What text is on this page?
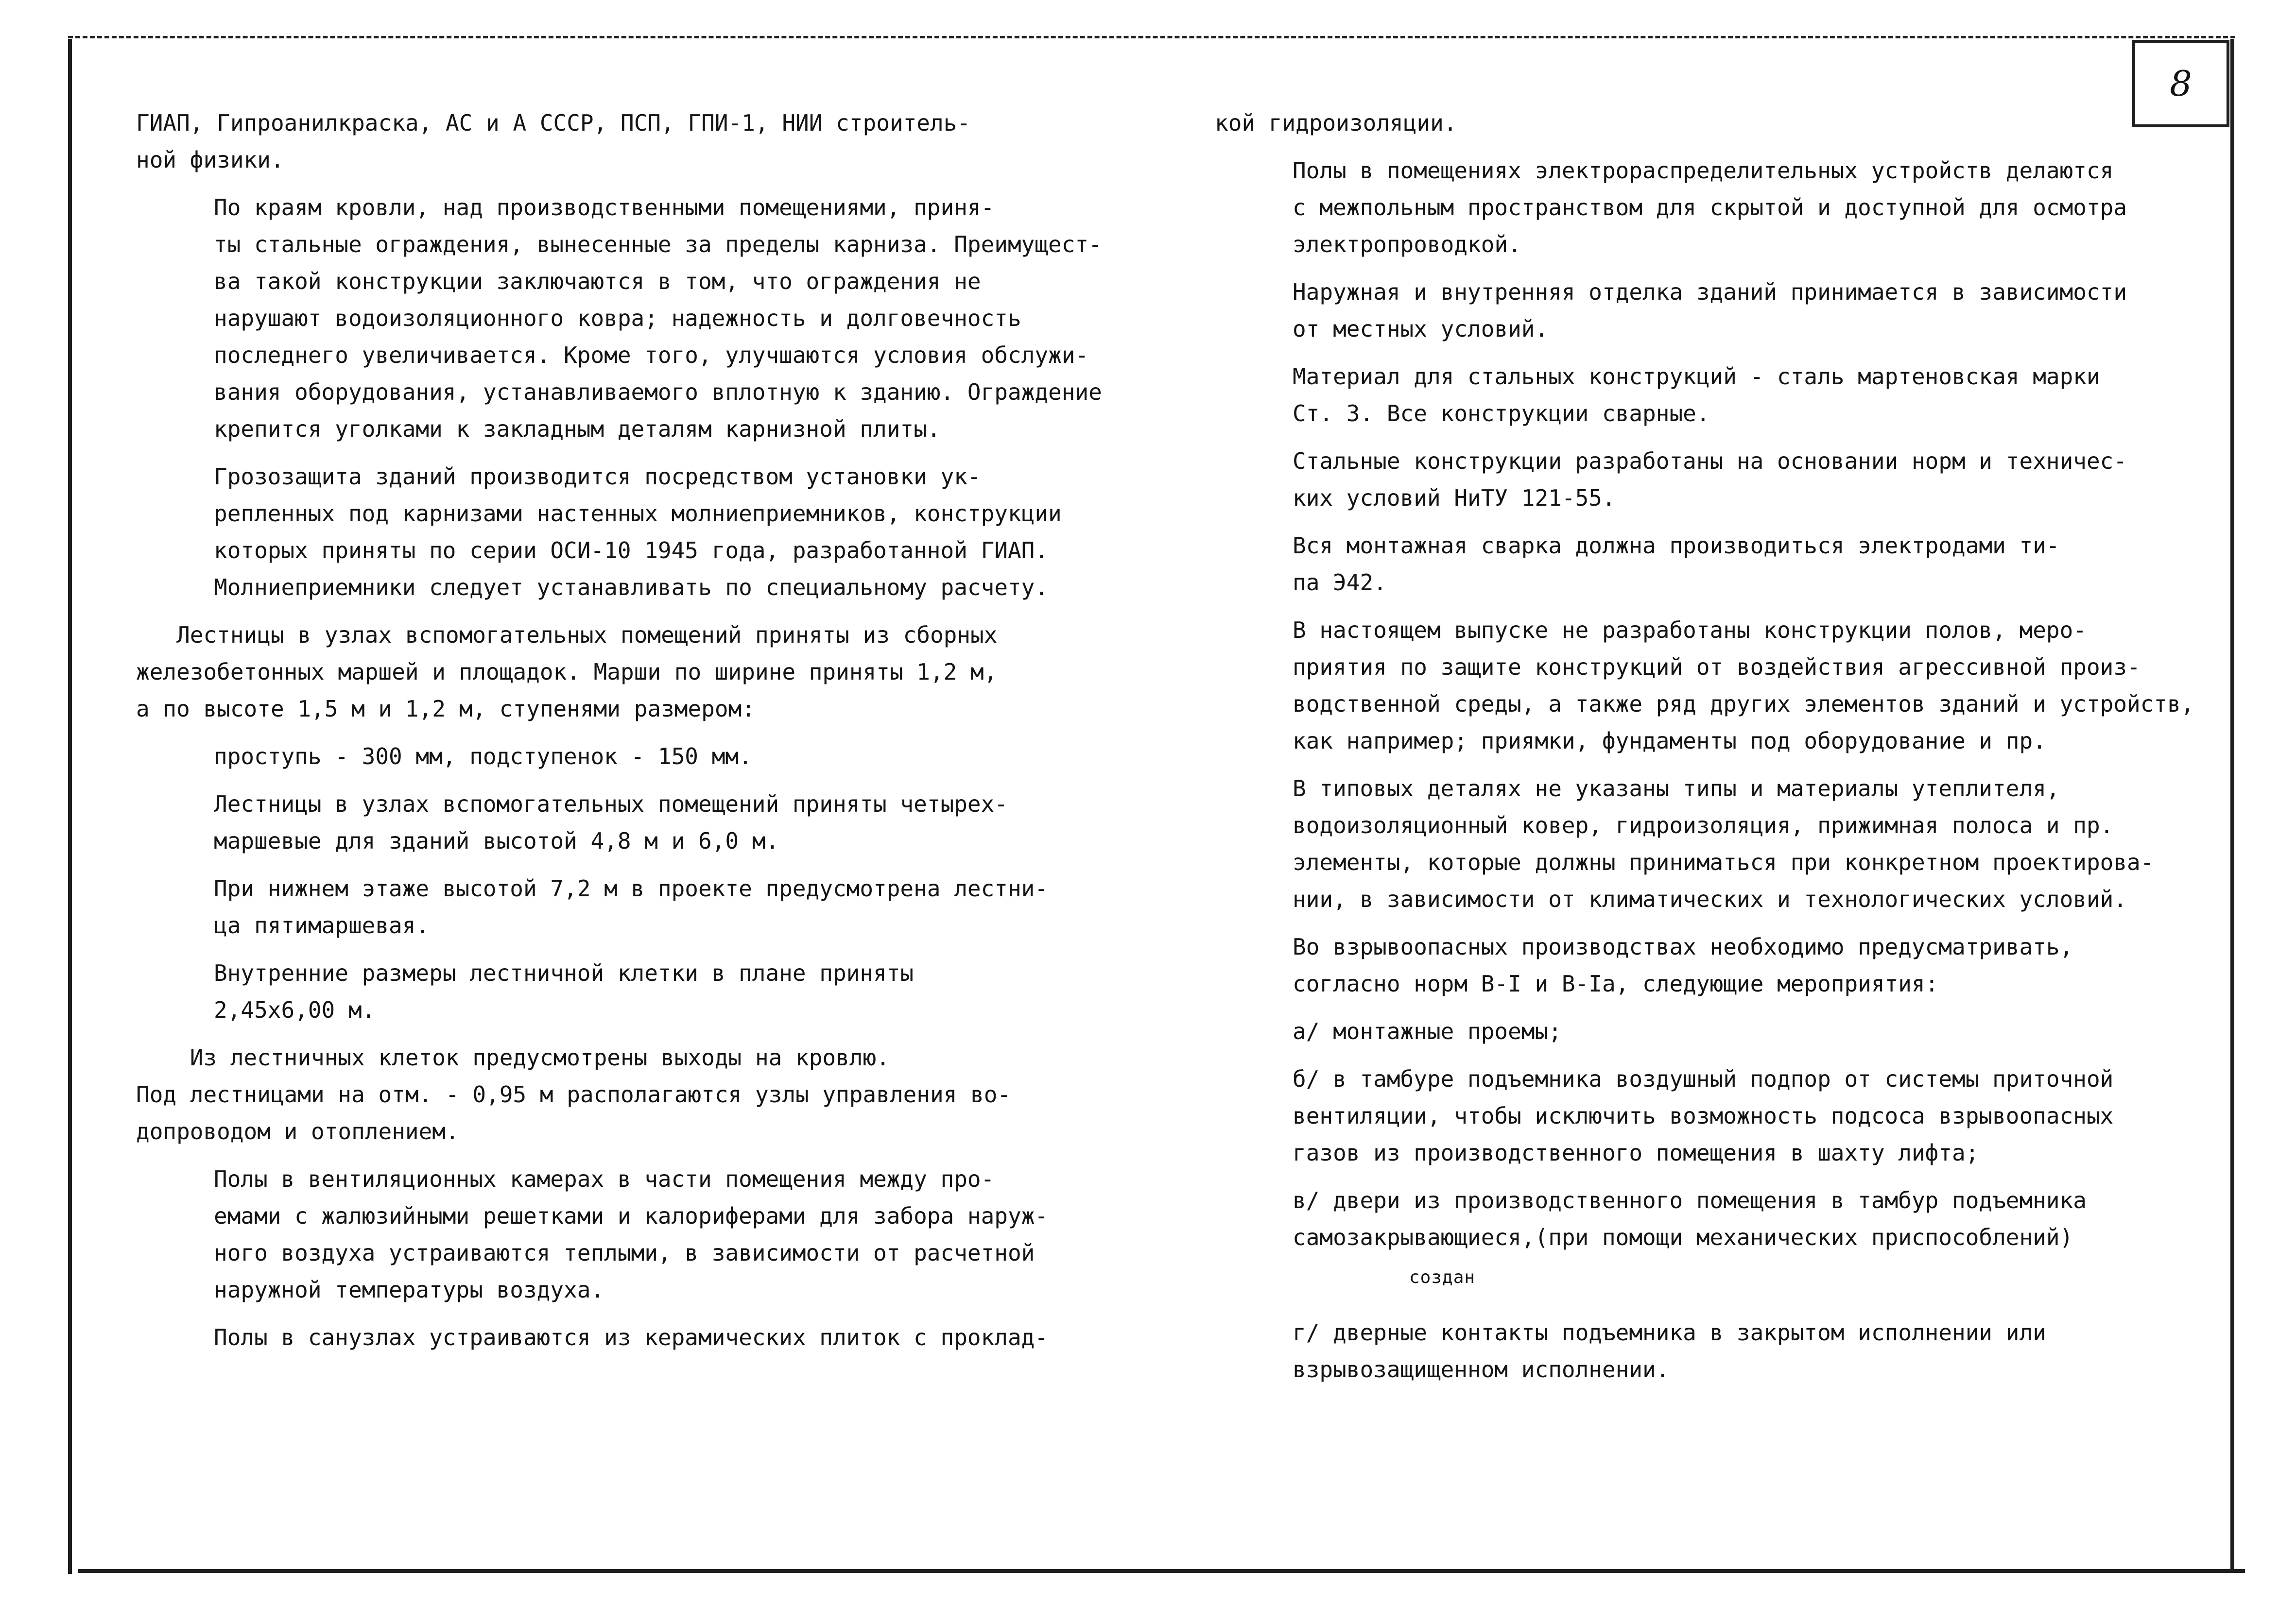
8
ГИАП, Гипроанилкраска, АС и А СССР, ПСП, ГПИ-1, НИИ строитель-
ной физики.
По краям кровли, над производственными помещениями, приня-
ты стальные ограждения, вынесенные за пределы карниза. Преимущест-
ва такой конструкции заключаются в том, что ограждения не
нарушают водоизоляционного ковра; надежность и долговечность
последнего увеличивается. Кроме того, улучшаются условия обслужи-
вания оборудования, устанавливаемого вплотную к зданию. Ограждение
крепится уголками к закладным деталям карнизной плиты.
Грозозащита зданий производится посредством установки ук-
репленных под карнизами настенных молниеприемников, конструкции
которых приняты по серии ОСИ-10 1945 года, разработанной ГИАП.
Молниеприемники следует устанавливать по специальному расчету.
Лестницы в узлах вспомогательных помещений приняты из сборных
железобетонных маршей и площадок. Марши по ширине приняты 1,2 м,
а по высоте 1,5 м и 1,2 м, ступенями размером:
проступь - 300 мм, подступенок - 150 мм.
Лестницы в узлах вспомогательных помещений приняты четырех-
маршевые для зданий высотой 4,8 м и 6,0 м.
При нижнем этаже высотой 7,2 м в проекте предусмотрена лестни-
ца пятимаршевая.
Внутренние размеры лестничной клетки в плане приняты
2,45х6,00 м.
Из лестничных клеток предусмотрены выходы на кровлю.
Под лестницами на отм. - 0,95 м располагаются узлы управления во-
допроводом и отоплением.
Полы в вентиляционных камерах в части помещения между про-
емами с жалюзийными решетками и калориферами для забора наруж-
ного воздуха устраиваются теплыми, в зависимости от расчетной
наружной температуры воздуха.
Полы в санузлах устраиваются из керамических плиток с проклад-
кой гидроизоляции.
Полы в помещениях электрораспределительных устройств делаются
с межпольным пространством для скрытой и доступной для осмотра
электропроводкой.
Наружная и внутренняя отделка зданий принимается в зависимости
от местных условий.
Материал для стальных конструкций - сталь мартеновская марки
Ст. 3. Все конструкции сварные.
Стальные конструкции разработаны на основании норм и техничес-
ких условий НиТУ 121-55.
Вся монтажная сварка должна производиться электродами ти-
па Э42.
В настоящем выпуске не разработаны конструкции полов, меро-
приятия по защите конструкций от воздействия агрессивной произ-
водственной среды, а также ряд других элементов зданий и устройств,
как например; приямки, фундаменты под оборудование и пр.
В типовых деталях не указаны типы и материалы утеплителя,
водоизоляционный ковер, гидроизоляция, прижимная полоса и пр.
элементы, которые должны приниматься при конкретном проектирова-
нии, в зависимости от климатических и технологических условий.
Во взрывоопасных производствах необходимо предусматривать,
согласно норм В-I и В-Iа, следующие мероприятия:
а/ монтажные проемы;
б/ в тамбуре подъемника воздушный подпор от системы приточной
вентиляции, чтобы исключить возможность подсоса взрывоопасных
газов из производственного помещения в шахту лифта;
в/ двери из производственного помещения в тамбур подъемника
самозакрывающиеся,(при помощи механических приспособлений)

г/ дверные контакты подъемника в закрытом исполнении или
взрывозащищенном исполнении.
создан
